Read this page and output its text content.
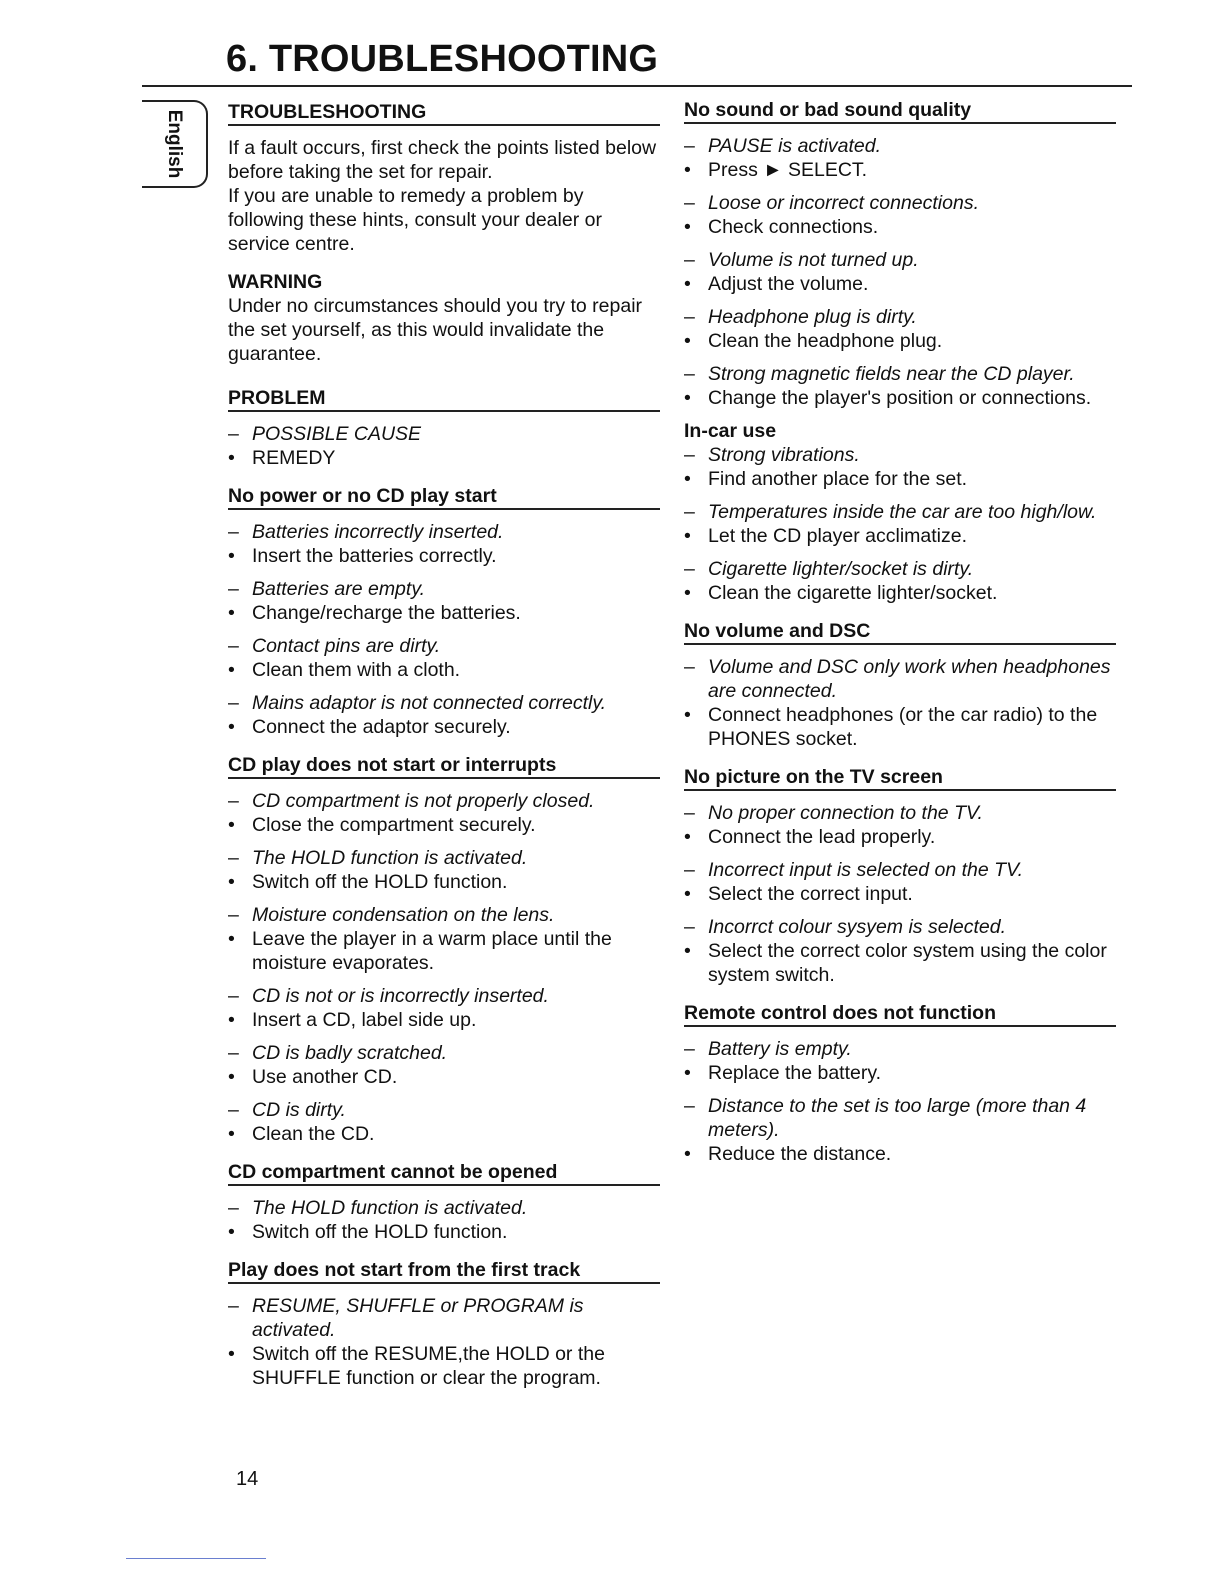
6. TROUBLESHOOTING
English TROUBLESHOOTING

If a fault occurs, first check the points listed below before taking the set for repair.

If you are unable to remedy a problem by following these hints, consult your dealer or service centre.

WARNING

Under no circumstances should you try to repair the set yourself, as this would invalidate the guarantee.

PROBLEM
– POSSIBLE CAUSE
• REMEDY
No power or no CD play start
– Batteries incorrectly inserted.
• Insert the batteries correctly.
– Batteries are empty.
• Change/recharge the batteries.
– Contact pins are dirty.
• Clean them with a cloth.
– Mains adaptor is not connected correctly.
• Connect the adaptor securely.
CD play does not start or interrupts
– CD compartment is not properly closed.
• Close the compartment securely.
– The HOLD function is activated.
• Switch off the HOLD function.
– Moisture condensation on the lens.
• Leave the player in a warm place until the moisture evaporates.
– CD is not or is incorrectly inserted.
• Insert a CD, label side up.
– CD is badly scratched.
• Use another CD.
– CD is dirty.
• Clean the CD.
CD compartment cannot be opened
– The HOLD function is activated.
• Switch off the HOLD function.
Play does not start from the first track
– RESUME, SHUFFLE or PROGRAM is activated.
• Switch off the RESUME,the HOLD or the SHUFFLE function or clear the program.
No sound or bad sound quality
– PAUSE is activated.
• Press ► SELECT.
– Loose or incorrect connections.
• Check connections.
– Volume is not turned up.
• Adjust the volume.
– Headphone plug is dirty.
• Clean the headphone plug.
– Strong magnetic fields near the CD player.
• Change the player's position or connections.
In-car use
– Strong vibrations.
• Find another place for the set.
– Temperatures inside the car are too high/low.
• Let the CD player acclimatize.
– Cigarette lighter/socket is dirty.
• Clean the cigarette lighter/socket.
No volume and DSC
– Volume and DSC only work when headphones are connected.
• Connect headphones (or the car radio) to the PHONES socket.
No picture on the TV screen
– No proper connection to the TV.
• Connect the lead properly.
– Incorrect input is selected on the TV.
• Select the correct input.
– Incorrct colour sysyem is selected.
• Select the correct color system using the color system switch.
Remote control does not function
– Battery is empty.
• Replace the battery.
– Distance to the set is too large (more than 4 meters).
• Reduce the distance.
14
